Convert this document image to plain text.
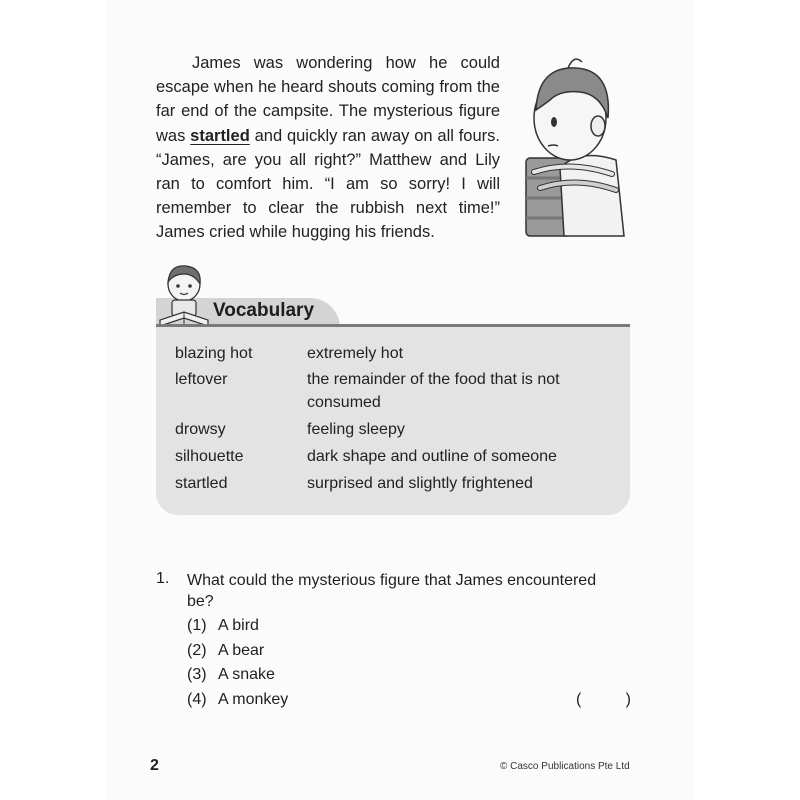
James was wondering how he could escape when he heard shouts coming from the far end of the campsite. The mysterious figure was startled and quickly ran away on all fours. “James, are you all right?” Matthew and Lily ran to comfort him. “I am so sorry! I will remember to clear the rubbish next time!” James cried while hugging his friends.

Vocabulary
blazing hot	extremely hot
leftover	the remainder of the food that is not consumed
drowsy	feeling sleepy
silhouette	dark shape and outline of someone
startled	surprised and slightly frightened
1. What could the mysterious figure that James encountered be?
(1) A bird
(2) A bear
(3) A snake
(4) A monkey	(	)
2	© Casco Publications Pte Ltd
